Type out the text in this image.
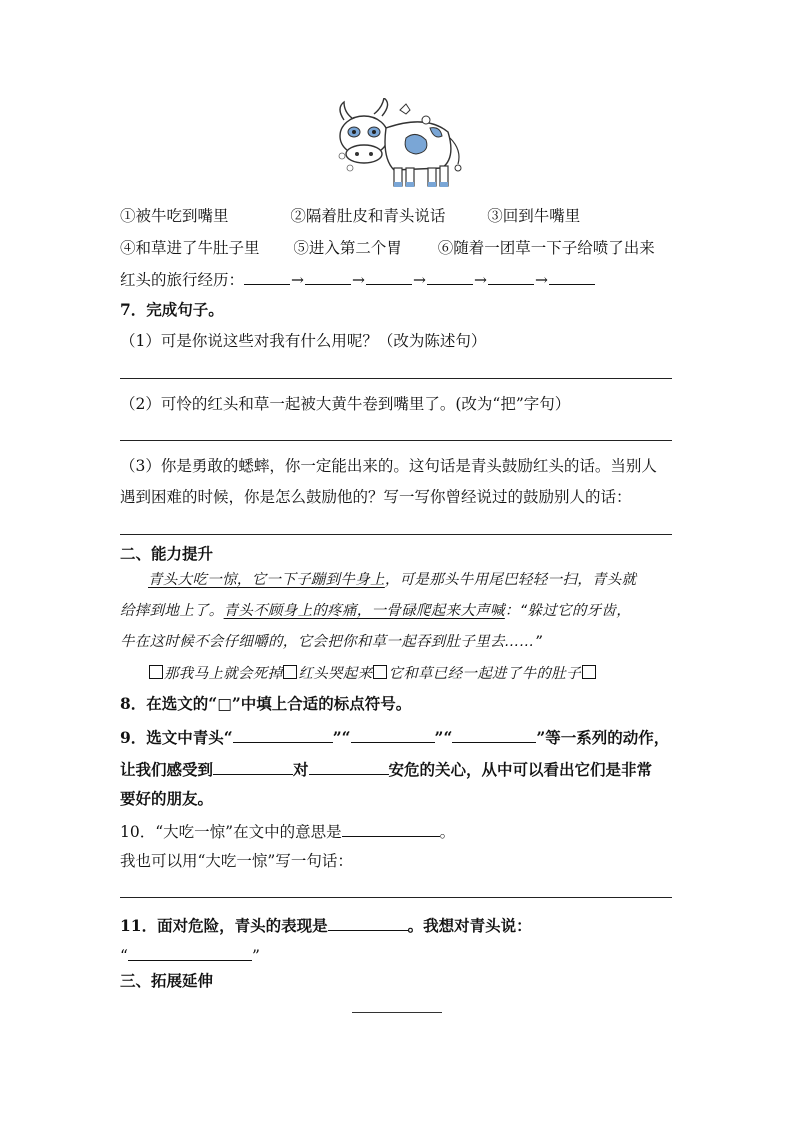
①被牛吃到嘴里	②隔着肚皮和青头说话	③回到牛嘴里
④和草进了牛肚子里 ⑤进入第二个胃 ⑥随着一团草一下子给喷了出来
红头的旅行经历：	→	→	→	→	→
7．完成句子。
（1）可是你说这些对我有什么用呢？（改为陈述句）
（2）可怜的红头和草一起被大黄牛卷到嘴里了。(改为“把”字句）
（3）你是勇敢的蟋蟀，你一定能出来的。这句话是青头鼓励红头的话。当别人
遇到困难的时候，你是怎么鼓励他的？写一写你曾经说过的鼓励别人的话：
二、能力提升
青头大吃一惊，它一下子蹦到牛身上，可是那头牛用尾巴轻轻一扫，青头就
给摔到地上了。青头不顾身上的疼痛，一骨碌爬起来大声喊：“躲过它的牙齿，
牛在这时候不会仔细嚼的，它会把你和草一起吞到肚子里去……”
那我马上就会死掉 红头哭起来 它和草已经一起进了牛的肚子
8．在选文的“□”中填上合适的标点符号。
9．选文中青头“	”“	”“	”等一系列的动作，
让我们感受到	对	安危的关心，从中可以看出它们是非常
要好的朋友。
10．“大吃一惊”在文中的意思是	。
我也可以用“大吃一惊”写一句话：
11．面对危险，青头的表现是	。我想对青头说：
“	”
三、拓展延伸
